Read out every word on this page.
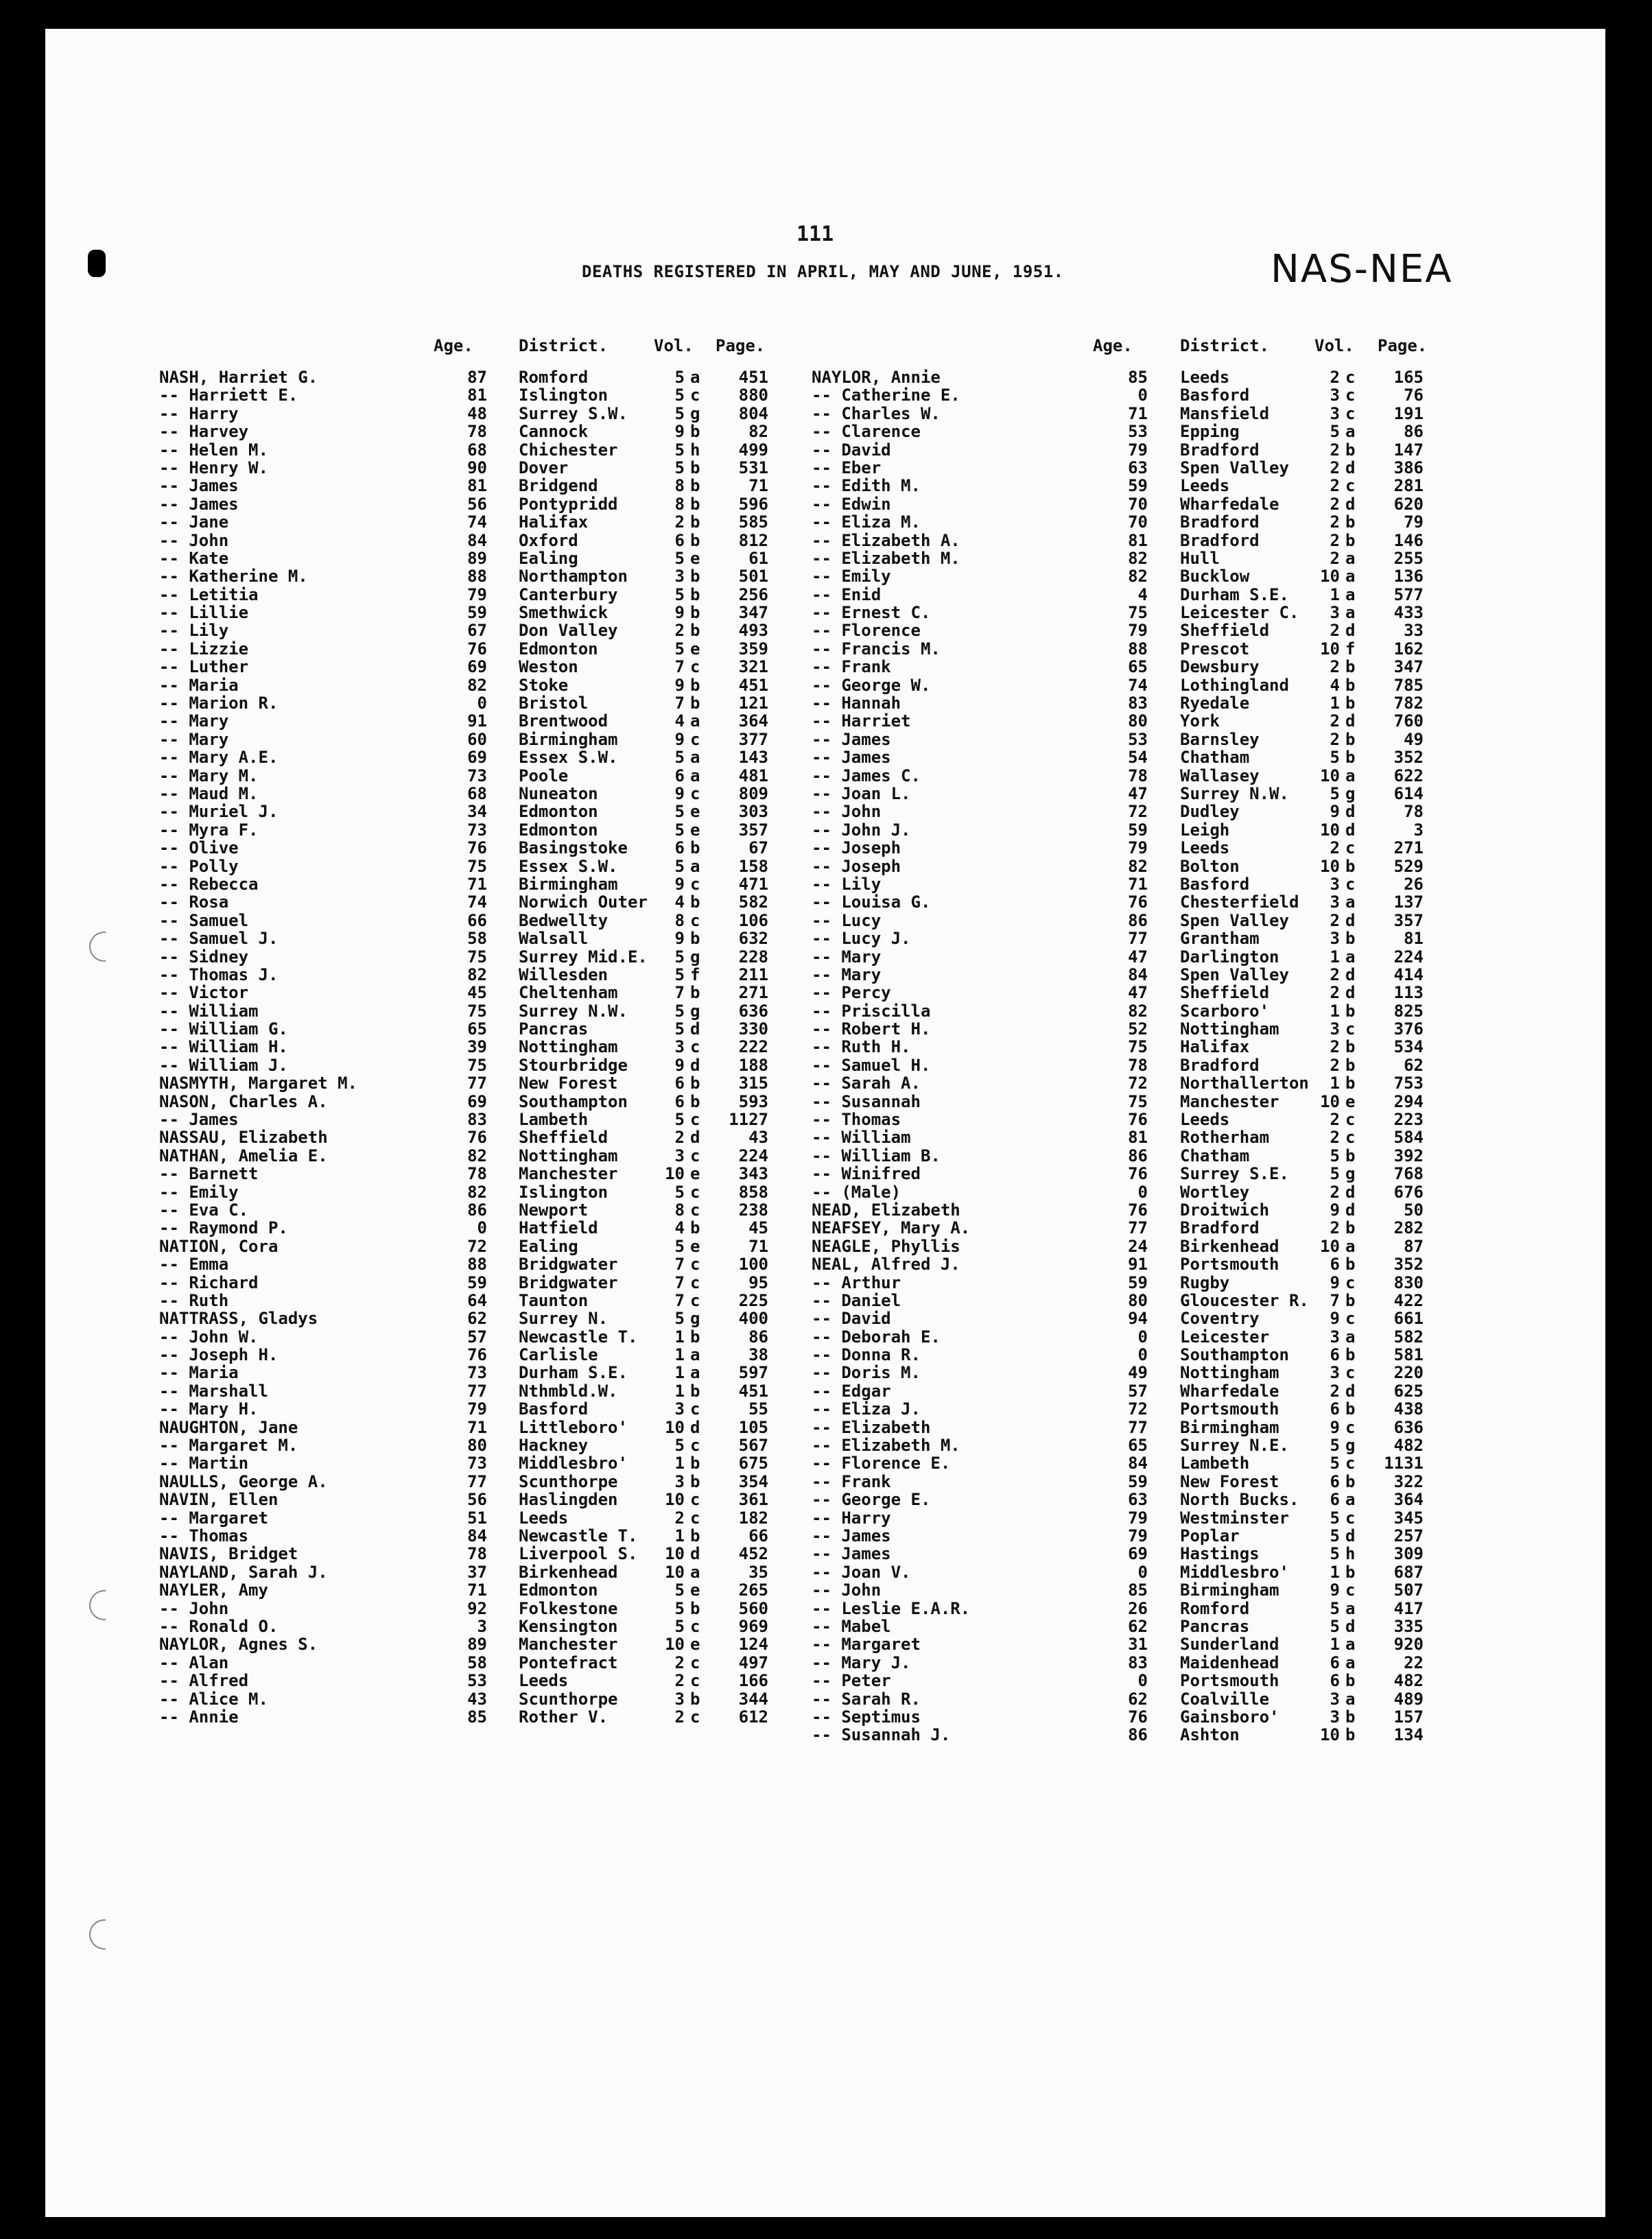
111
DEATHS REGISTERED IN APRIL, MAY AND JUNE, 1951.	NAS-NEA
Age.	District.	Vol. Page.	Age.	District.	Vol. Page.
NASH, Harriet G.	87 Romford	5 a	451
-- Harriett E.	81 Islington	5 c	880
-- Harry	48 Surrey S.W.	5 g	804
-- Harvey	78 Cannock	9 b	82
-- Helen M.	68 Chichester	5 h	499
-- Henry W.	90 Dover	5 b	531
-- James	81 Bridgend	8 b	71
-- James	56 Pontypridd	8 b	596
-- Jane	74 Halifax	2 b	585
-- John	84 Oxford	6 b	812
-- Kate	89 Ealing	5 e	61
-- Katherine M.	88 Northampton	3 b	501
-- Letitia	79 Canterbury	5 b	256
-- Lillie	59 Smethwick	9 b	347
-- Lily	67 Don Valley	2 b	493
-- Lizzie	76 Edmonton	5 e	359
-- Luther	69 Weston	7 c	321
-- Maria	82 Stoke	9 b	451
-- Marion R.	0 Bristol	7 b	121
-- Mary	91 Brentwood	4 a	364
-- Mary	60 Birmingham	9 c	377
-- Mary A.E.	69 Essex S.W.	5 a	143
-- Mary M.	73 Poole	6 a	481
-- Maud M.	68 Nuneaton	9 c	809
-- Muriel J.	34 Edmonton	5 e	303
-- Myra F.	73 Edmonton	5 e	357
-- Olive	76 Basingstoke	6 b	67
-- Polly	75 Essex S.W.	5 a	158
-- Rebecca	71 Birmingham	9 c	471
-- Rosa	74 Norwich Outer	4 b	582
-- Samuel	66 Bedwellty	8 c	106
-- Samuel J.	58 Walsall	9 b	632
-- Sidney	75 Surrey Mid.E.	5 g	228
-- Thomas J.	82 Willesden	5 f	211
-- Victor	45 Cheltenham	7 b	271
-- William	75 Surrey N.W.	5 g	636
-- William G.	65 Pancras	5 d	330
-- William H.	39 Nottingham	3 c	222
-- William J.	75 Stourbridge	9 d	188
NASMYTH, Margaret M.	77 New Forest	6 b	315
NASON, Charles A.	69 Southampton	6 b	593
-- James	83 Lambeth	5 c	1127
NASSAU, Elizabeth	76 Sheffield	2 d	43
NATHAN, Amelia E.	82 Nottingham	3 c	224
-- Barnett	78 Manchester	10 e	343
-- Emily	82 Islington	5 c	858
-- Eva C.	86 Newport	8 c	238
-- Raymond P.	0 Hatfield	4 b	45
NATION, Cora	72 Ealing	5 e	71
-- Emma	88 Bridgwater	7 c	100
-- Richard	59 Bridgwater	7 c	95
-- Ruth	64 Taunton	7 c	225
NATTRASS, Gladys	62 Surrey N.	5 g	400
-- John W.	57 Newcastle T.	1 b	86
-- Joseph H.	76 Carlisle	1 a	38
-- Maria	73 Durham S.E.	1 a	597
-- Marshall	77 Nthmbld.W.	1 b	451
-- Mary H.	79 Basford	3 c	55
NAUGHTON, Jane	71 Littleboro' 10 d	105
-- Margaret M.	80 Hackney	5 c	567
-- Martin	73 Middlesbro'	1 b	675
NAULLS, George A.	77 Scunthorpe	3 b	354
NAVIN, Ellen	56 Haslingden	10 c	361
-- Margaret	51 Leeds	2 c	182
-- Thomas	84 Newcastle T.	1 b	66
NAVIS, Bridget	78 Liverpool S. 10 d	452
NAYLAND, Sarah J.	37 Birkenhead	10 a	35
NAYLER, Amy	71 Edmonton	5 e	265
-- John	92 Folkestone	5 b	560
-- Ronald O.	3 Kensington	5 c	969
NAYLOR, Agnes S.	89 Manchester	10 e	124
-- Alan	58 Pontefract	2 c	497
-- Alfred	53 Leeds	2 c	166
-- Alice M.	43 Scunthorpe	3 b	344
-- Annie	85 Rother V.	2 c	612
NAYLOR, Annie	85 Leeds	2 c	165
-- Catherine E.	0 Basford	3 c	76
-- Charles W.	71 Mansfield	3 c	191
-- Clarence	53 Epping	5 a	86
-- David	79 Bradford	2 b	147
-- Eber	63 Spen Valley	2 d	386
-- Edith M.	59 Leeds	2 c	281
-- Edwin	70 Wharfedale	2 d	620
-- Eliza M.	70 Bradford	2 b	79
-- Elizabeth A.	81 Bradford	2 b	146
-- Elizabeth M.	82 Hull	2 a	255
-- Emily	82 Bucklow	10 a	136
-- Enid	4 Durham S.E.	1 a	577
-- Ernest C.	75 Leicester C.	3 a	433
-- Florence	79 Sheffield	2 d	33
-- Francis M.	88 Prescot	10 f	162
-- Frank	65 Dewsbury	2 b	347
-- George W.	74 Lothingland	4 b	785
-- Hannah	83 Ryedale	1 b	782
-- Harriet	80 York	2 d	760
-- James	53 Barnsley	2 b	49
-- James	54 Chatham	5 b	352
-- James C.	78 Wallasey	10 a	622
-- Joan L.	47 Surrey N.W.	5 g	614
-- John	72 Dudley	9 d	78
-- John J.	59 Leigh	10 d	3
-- Joseph	79 Leeds	2 c	271
-- Joseph	82 Bolton	10 b	529
-- Lily	71 Basford	3 c	26
-- Louisa G.	76 Chesterfield	3 a	137
-- Lucy	86 Spen Valley	2 d	357
-- Lucy J.	77 Grantham	3 b	81
-- Mary	47 Darlington	1 a	224
-- Mary	84 Spen Valley	2 d	414
-- Percy	47 Sheffield	2 d	113
-- Priscilla	82 Scarboro'	1 b	825
-- Robert H.	52 Nottingham	3 c	376
-- Ruth H.	75 Halifax	2 b	534
-- Samuel H.	78 Bradford	2 b	62
-- Sarah A.	72 Northallerton	1 b	753
-- Susannah	75 Manchester 10 e	294
-- Thomas	76 Leeds	2 c	223
-- William	81 Rotherham	2 c	584
-- William B.	86 Chatham	5 b	392
-- Winifred	76 Surrey S.E.	5 g	768
-- (Male)	0 Wortley	2 d	676
NEAD, Elizabeth	76 Droitwich	9 d	50
NEAFSEY, Mary A.	77 Bradford	2 b	282
NEAGLE, Phyllis	24 Birkenhead 10 a	87
NEAL, Alfred J.	91 Portsmouth	6 b	352
-- Arthur	59 Rugby	9 c	830
-- Daniel	80 Gloucester R.	7 b	422
-- David	94 Coventry	9 c	661
-- Deborah E.	0 Leicester	3 a	582
-- Donna R.	0 Southampton	6 b	581
-- Doris M.	49 Nottingham	3 c	220
-- Edgar	57 Wharfedale	2 d	625
-- Eliza J.	72 Portsmouth	6 b	438
-- Elizabeth	77 Birmingham	9 c	636
-- Elizabeth M.	65 Surrey N.E.	5 g	482
-- Florence E.	84 Lambeth	5 c	1131
-- Frank	59 New Forest	6 b	322
-- George E.	63 North Bucks.	6 a	364
-- Harry	79 Westminster	5 c	345
-- James	79 Poplar	5 d	257
-- James	69 Hastings	5 h	309
-- Joan V.	0 Middlesbro'	1 b	687
-- John	85 Birmingham	9 c	507
-- Leslie E.A.R.	26 Romford	5 a	417
-- Mabel	62 Pancras	5 d	335
-- Margaret	31 Sunderland	1 a	920
-- Mary J.	83 Maidenhead	6 a	22
-- Peter	0 Portsmouth	6 b	482
-- Sarah R.	62 Coalville	3 a	489
-- Septimus	76 Gainsboro'	3 b	157
-- Susannah J.	86 Ashton	10 b	134
